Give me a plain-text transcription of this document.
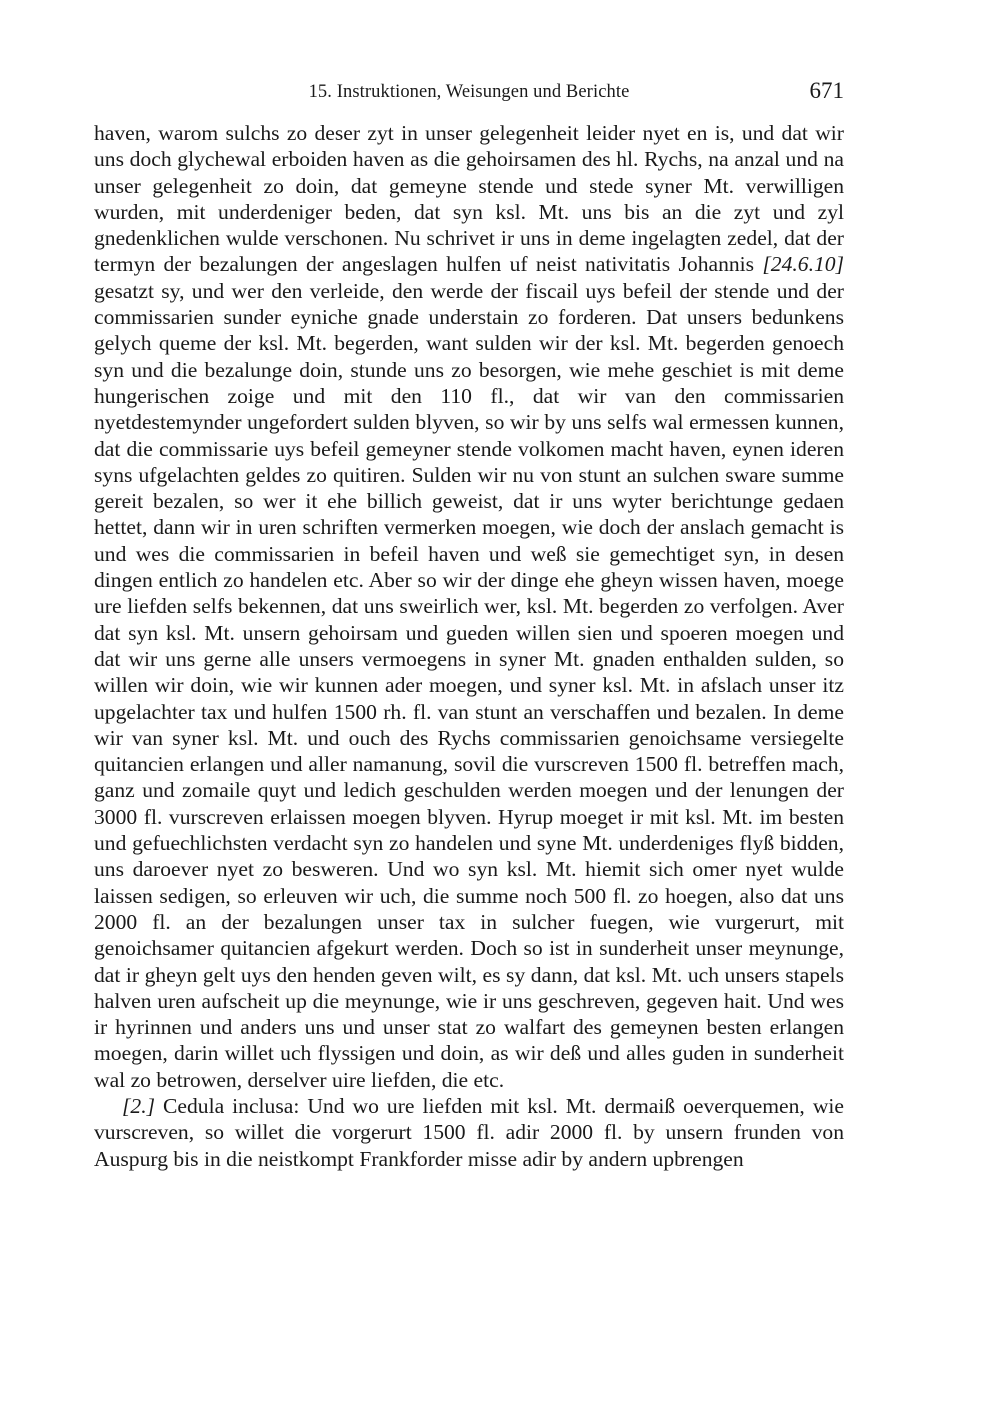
15. Instruktionen, Weisungen und Berichte	671

haven, warom sulchs zo deser zyt in unser gelegenheit leider nyet en is, und dat wir uns doch glychewal erboiden haven as die gehoirsamen des hl. Rychs, na anzal und na unser gelegenheit zo doin, dat gemeyne stende und stede syner Mt. verwilligen wurden, mit underdeniger beden, dat syn ksl. Mt. uns bis an die zyt und zyl gnedenklichen wulde verschonen. Nu schrivet ir uns in deme ingelagten zedel, dat der termyn der bezalungen der angeslagen hulfen uf neist nativitatis Johannis [24.6.10] gesatzt sy, und wer den verleide, den werde der fiscail uys befeil der stende und der commissarien sunder eyniche gnade understain zo forderen. Dat unsers bedunkens gelych queme der ksl. Mt. begerden, want sulden wir der ksl. Mt. begerden genoech syn und die bezalunge doin, stunde uns zo besorgen, wie mehe geschiet is mit deme hungerischen zoige und mit den 110 fl., dat wir van den commissarien nyetdestemynder ungefordert sulden blyven, so wir by uns selfs wal ermessen kunnen, dat die commissarie uys befeil gemeyner stende volkomen macht haven, eynen ideren syns ufgelachten geldes zo quitiren. Sulden wir nu von stunt an sulchen sware summe gereit bezalen, so wer it ehe billich geweist, dat ir uns wyter berichtunge gedaen hettet, dann wir in uren schriften vermerken moegen, wie doch der anslach gemacht is und wes die commissarien in befeil haven und weß sie gemechtiget syn, in desen dingen entlich zo handelen etc. Aber so wir der dinge ehe gheyn wissen haven, moege ure liefden selfs bekennen, dat uns sweirlich wer, ksl. Mt. begerden zo verfolgen. Aver dat syn ksl. Mt. unsern gehoirsam und gueden willen sien und spoeren moegen und dat wir uns gerne alle unsers vermoegens in syner Mt. gnaden enthalden sulden, so willen wir doin, wie wir kunnen ader moegen, und syner ksl. Mt. in afslach unser itz upgelachter tax und hulfen 1500 rh. fl. van stunt an verschaffen und bezalen. In deme wir van syner ksl. Mt. und ouch des Rychs commissarien genoichsame versiegelte quitancien erlangen und aller namanung, sovil die vurscreven 1500 fl. betreffen mach, ganz und zomaile quyt und ledich geschulden werden moegen und der lenungen der 3000 fl. vurscreven erlaissen moegen blyven. Hyrup moeget ir mit ksl. Mt. im besten und gefuechlichsten verdacht syn zo handelen und syne Mt. underdeniges flyß bidden, uns daroever nyet zo besweren. Und wo syn ksl. Mt. hiemit sich omer nyet wulde laissen sedigen, so erleuven wir uch, die summe noch 500 fl. zo hoegen, also dat uns 2000 fl. an der bezalungen unser tax in sulcher fuegen, wie vurgerurt, mit genoichsamer quitancien afgekurt werden. Doch so ist in sunderheit unser meynunge, dat ir gheyn gelt uys den henden geven wilt, es sy dann, dat ksl. Mt. uch unsers stapels halven uren aufscheit up die meynunge, wie ir uns geschreven, gegeven hait. Und wes ir hyrinnen und anders uns und unser stat zo walfart des gemeynen besten erlangen moegen, darin willet uch flyssigen und doin, as wir deß und alles guden in sunderheit wal zo betrowen, derselver uire liefden, die etc.

[2.] Cedula inclusa: Und wo ure liefden mit ksl. Mt. dermaiß oeverquemen, wie vurscreven, so willet die vorgerurt 1500 fl. adir 2000 fl. by unsern frunden von Auspurg bis in die neistkompt Frankforder misse adir by andern upbrengen
